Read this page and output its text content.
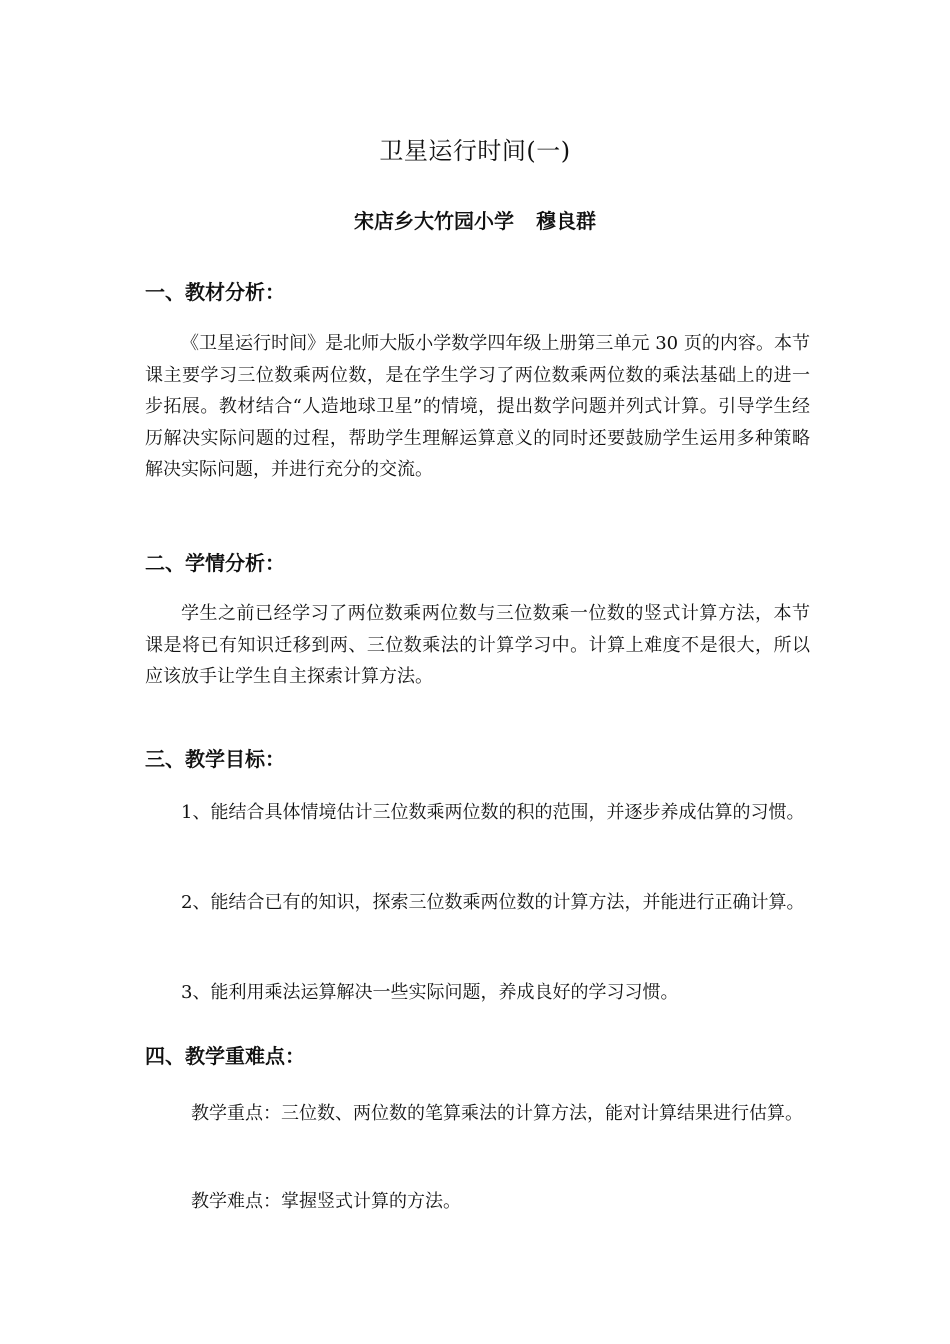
卫星运行时间(一)
宋店乡大竹园小学 穆良群
一、教材分析：
《卫星运行时间》是北师大版小学数学四年级上册第三单元 30 页的内容。本节课主要学习三位数乘两位数，是在学生学习了两位数乘两位数的乘法基础上的进一步拓展。教材结合“人造地球卫星”的情境，提出数学问题并列式计算。引导学生经历解决实际问题的过程，帮助学生理解运算意义的同时还要鼓励学生运用多种策略解决实际问题，并进行充分的交流。
二、学情分析：
学生之前已经学习了两位数乘两位数与三位数乘一位数的竖式计算方法，本节课是将已有知识迁移到两、三位数乘法的计算学习中。计算上难度不是很大，所以应该放手让学生自主探索计算方法。
三、教学目标：
1、能结合具体情境估计三位数乘两位数的积的范围，并逐步养成估算的习惯。
2、能结合已有的知识，探索三位数乘两位数的计算方法，并能进行正确计算。
3、能利用乘法运算解决一些实际问题，养成良好的学习习惯。
四、教学重难点：
教学重点：三位数、两位数的笔算乘法的计算方法，能对计算结果进行估算。
教学难点：掌握竖式计算的方法。
